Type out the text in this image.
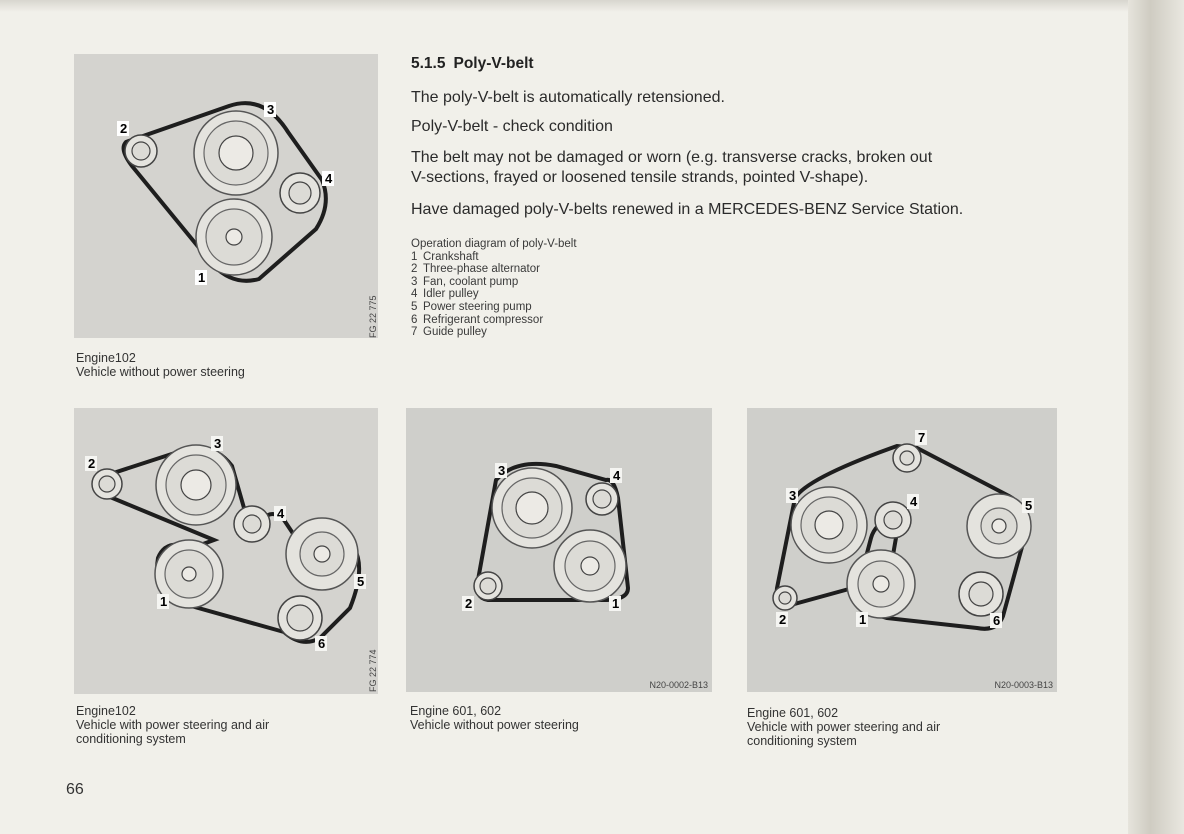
1
2
3
4
FG 22 775
Engine102
Vehicle without power steering
5.1.5 Poly-V-belt

The poly-V-belt is automatically retensioned.

Poly-V-belt - check condition

The belt may not be damaged or worn (e.g. transverse cracks, broken out

V-sections, frayed or loosened tensile strands, pointed V-shape).

Have damaged poly-V-belts renewed in a MERCEDES-BENZ Service Station.

Operation diagram of poly-V-belt
1 Crankshaft
2 Three-phase alternator
3 Fan, coolant pump
4 Idler pulley
5 Power steering pump
6 Refrigerant compressor
7 Guide pulley
1
2
3
4
5
6
FG 22 774
Engine102
Vehicle with power steering and air
conditioning system
1
2
3	4
N20-0002-B13
Engine 601, 602
Vehicle without power steering
1
2
3	4	5
6
7
N20-0003-B13
Engine 601, 602
Vehicle with power steering and air
conditioning system
66
